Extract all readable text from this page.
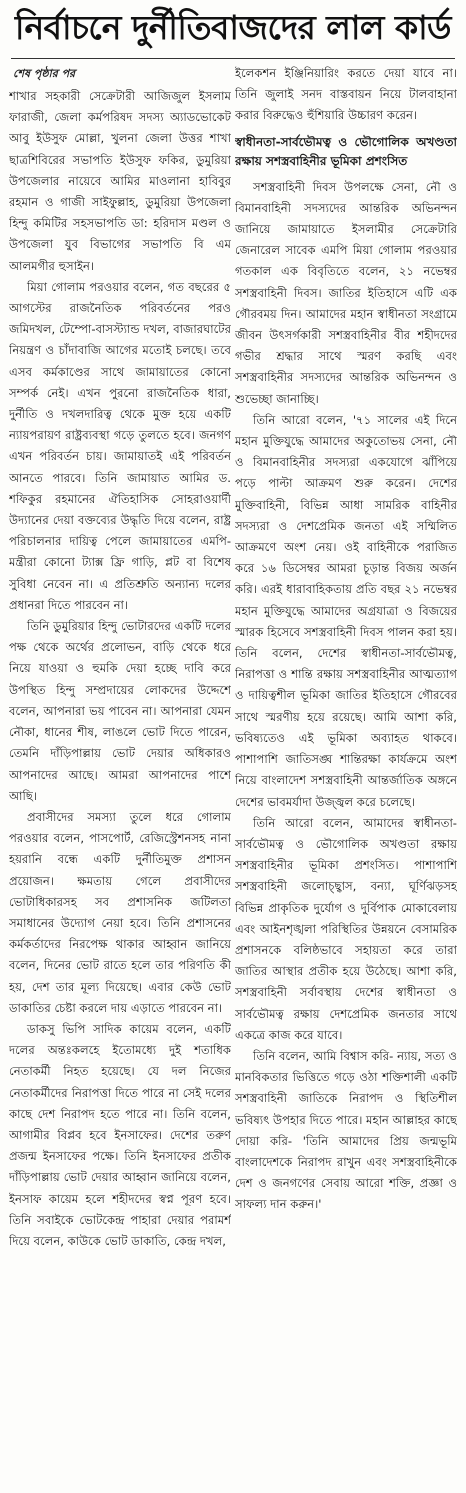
নির্বাচনে দুর্নীতিবাজদের লাল কার্ড
শেষ পৃষ্ঠার পর

শাখার সহকারী সেক্রেটারী আজিজুল ইসলাম ফারাজী, জেলা কর্মপরিষদ সদস্য অ্যাডভোকেট আবু ইউসুফ মোল্লা, খুলনা জেলা উত্তর শাখা ছাত্রশিবিরের সভাপতি ইউসুফ ফকির, ডুমুরিয়া উপজেলার নায়েবে আমির মাওলানা হাবিবুর রহমান ও গাজী সাইফুল্লাহ, ডুমুরিয়া উপজেলা হিন্দু কমিটির সহসভাপতি ডা: হরিদাস মণ্ডল ও উপজেলা যুব বিভাগের সভাপতি বি এম আলমগীর হুসাইন।

মিয়া গোলাম পরওয়ার বলেন, গত বছরের ৫ আগস্টের রাজনৈতিক পরিবর্তনের পরও জমিদখল, টেম্পো-বাসস্ট্যান্ড দখল, বাজারঘাটের নিয়ন্ত্রণ ও চাঁদাবাজি আগের মতোই চলছে। তবে এসব কর্মকাণ্ডের সাথে জামায়াতের কোনো সম্পর্ক নেই। এখন পুরনো রাজনৈতিক ধারা, দুর্নীতি ও দখলদারিত্ব থেকে মুক্ত হয়ে একটি ন্যায়পরায়ণ রাষ্ট্রব্যবস্থা গড়ে তুলতে হবে। জনগণ এখন পরিবর্তন চায়। জামায়াতই এই পরিবর্তন আনতে পারবে। তিনি জামায়াত আমির ড. শফিকুর রহমানের ঐতিহাসিক সোহরাওয়ার্দী উদ্যানের দেয়া বক্তব্যের উদ্ধৃতি দিয়ে বলেন, রাষ্ট্র পরিচালনার দায়িত্ব পেলে জামায়াতের এমপি-মন্ত্রীরা কোনো ট্যাক্স ফ্রি গাড়ি, প্লট বা বিশেষ সুবিধা নেবেন না। এ প্রতিশ্রুতি অন্যান্য দলের প্রধানরা দিতে পারবেন না।

তিনি ডুমুরিয়ার হিন্দু ভোটারদের একটি দলের পক্ষ থেকে অর্থের প্রলোভন, বাড়ি থেকে ধরে নিয়ে যাওয়া ও হুমকি দেয়া হচ্ছে দাবি করে উপস্থিত হিন্দু সম্প্রদায়ের লোকদের উদ্দেশে বলেন, আপনারা ভয় পাবেন না। আপনারা যেমন নৌকা, ধানের শীষ, লাঙলে ভোট দিতে পারেন, তেমনি দাঁড়িপাল্লায় ভোট দেয়ার অধিকারও আপনাদের আছে। আমরা আপনাদের পাশে আছি।

প্রবাসীদের সমস্যা তুলে ধরে গোলাম পরওয়ার বলেন, পাসপোর্ট, রেজিস্ট্রেশনসহ নানা হয়রানি বন্ধে একটি দুর্নীতিমুক্ত প্রশাসন প্রয়োজন। ক্ষমতায় গেলে প্রবাসীদের ভোটাধিকারসহ সব প্রশাসনিক জটিলতা সমাধানের উদ্যোগ নেয়া হবে। তিনি প্রশাসনের কর্মকর্তাদের নিরপেক্ষ থাকার আহ্বান জানিয়ে বলেন, দিনের ভোট রাতে হলে তার পরিণতি কী হয়, দেশ তার মূল্য দিয়েছে। এবার কেউ ভোট ডাকাতির চেষ্টা করলে দায় এড়াতে পারবেন না।

ডাকসু ভিপি সাদিক কায়েম বলেন, একটি দলের অন্তঃকলহে ইতোমধ্যে দুই শতাধিক নেতাকর্মী নিহত হয়েছে। যে দল নিজের নেতাকর্মীদের নিরাপত্তা দিতে পারে না সেই দলের কাছে দেশ নিরাপদ হতে পারে না। তিনি বলেন, আগামীর বিপ্লব হবে ইনসাফের। দেশের তরুণ প্রজন্ম ইনসাফের পক্ষে। তিনি ইনসাফের প্রতীক দাঁড়িপাল্লায় ভোট দেয়ার আহ্বান জানিয়ে বলেন, ইনসাফ কায়েম হলে শহীদদের স্বপ্ন পূরণ হবে। তিনি সবাইকে ভোটকেন্দ্র পাহারা দেয়ার পরামর্শ দিয়ে বলেন, কাউকে ভোট ডাকাতি, কেন্দ্র দখল,

ইলেকশন ইঞ্জিনিয়ারিং করতে দেয়া যাবে না। তিনি জুলাই সনদ বাস্তবায়ন নিয়ে টালবাহানা করার বিরুদ্ধেও হুঁশিয়ারি উচ্চারণ করেন।

স্বাধীনতা-সার্বভৌমত্ব ও ভৌগোলিক অখণ্ডতা রক্ষায় সশস্ত্রবাহিনীর ভূমিকা প্রশংসিত

সশস্ত্রবাহিনী দিবস উপলক্ষে সেনা, নৌ ও বিমানবাহিনী সদস্যদের আন্তরিক অভিনন্দন জানিয়ে জামায়াতে ইসলামীর সেক্রেটারি জেনারেল সাবেক এমপি মিয়া গোলাম পরওয়ার গতকাল এক বিবৃতিতে বলেন, ২১ নভেম্বর সশস্ত্রবাহিনী দিবস। জাতির ইতিহাসে এটি এক গৌরবময় দিন। আমাদের মহান স্বাধীনতা সংগ্রামে জীবন উৎসর্গকারী সশস্ত্রবাহিনীর বীর শহীদদের গভীর শ্রদ্ধার সাথে স্মরণ করছি এবং সশস্ত্রবাহিনীর সদস্যদের আন্তরিক অভিনন্দন ও শুভেচ্ছা জানাচ্ছি।

তিনি আরো বলেন, '৭১ সালের এই দিনে মহান মুক্তিযুদ্ধে আমাদের অকুতোভয় সেনা, নৌ ও বিমানবাহিনীর সদস্যরা একযোগে ঝাঁপিয়ে পড়ে পাল্টা আক্রমণ শুরু করেন। দেশের মুক্তিবাহিনী, বিভিন্ন আধা সামরিক বাহিনীর সদস্যরা ও দেশপ্রেমিক জনতা এই সম্মিলিত আক্রমণে অংশ নেয়। ওই বাহিনীকে পরাজিত করে ১৬ ডিসেম্বর আমরা চূড়ান্ত বিজয় অর্জন করি। এরই ধারাবাহিকতায় প্রতি বছর ২১ নভেম্বর মহান মুক্তিযুদ্ধে আমাদের অগ্রযাত্রা ও বিজয়ের স্মারক হিসেবে সশস্ত্রবাহিনী দিবস পালন করা হয়। তিনি বলেন, দেশের স্বাধীনতা-সার্বভৌমত্ব, নিরাপত্তা ও শান্তি রক্ষায় সশস্ত্রবাহিনীর আত্মত্যাগ ও দায়িত্বশীল ভূমিকা জাতির ইতিহাসে গৌরবের সাথে স্মরণীয় হয়ে রয়েছে। আমি আশা করি, ভবিষ্যতেও এই ভূমিকা অব্যাহত থাকবে। পাশাপাশি জাতিসঙ্ঘ শান্তিরক্ষা কার্যক্রমে অংশ নিয়ে বাংলাদেশ সশস্ত্রবাহিনী আন্তর্জাতিক অঙ্গনে দেশের ভাবমর্যাদা উজ্জ্বল করে চলেছে।

তিনি আরো বলেন, আমাদের স্বাধীনতা-সার্বভৌমত্ব ও ভৌগোলিক অখণ্ডতা রক্ষায় সশস্ত্রবাহিনীর ভূমিকা প্রশংসিত। পাশাপাশি সশস্ত্রবাহিনী জলোচ্ছ্বাস, বন্যা, ঘূর্ণিঝড়সহ বিভিন্ন প্রাকৃতিক দুর্যোগ ও দুর্বিপাক মোকাবেলায় এবং আইনশৃঙ্খলা পরিস্থিতির উন্নয়নে বেসামরিক প্রশাসনকে বলিষ্ঠভাবে সহায়তা করে তারা জাতির আস্থার প্রতীক হয়ে উঠেছে। আশা করি, সশস্ত্রবাহিনী সর্বাবস্থায় দেশের স্বাধীনতা ও সার্বভৌমত্ব রক্ষায় দেশপ্রেমিক জনতার সাথে একত্রে কাজ করে যাবে।

তিনি বলেন, আমি বিশ্বাস করি- ন্যায়, সত্য ও মানবিকতার ভিত্তিতে গড়ে ওঠা শক্তিশালী একটি সশস্ত্রবাহিনী জাতিকে নিরাপদ ও স্থিতিশীল ভবিষ্যৎ উপহার দিতে পারে। মহান আল্লাহর কাছে দোয়া করি- 'তিনি আমাদের প্রিয় জন্মভূমি বাংলাদেশকে নিরাপদ রাখুন এবং সশস্ত্রবাহিনীকে দেশ ও জনগণের সেবায় আরো শক্তি, প্রজ্ঞা ও সাফল্য দান করুন।'
